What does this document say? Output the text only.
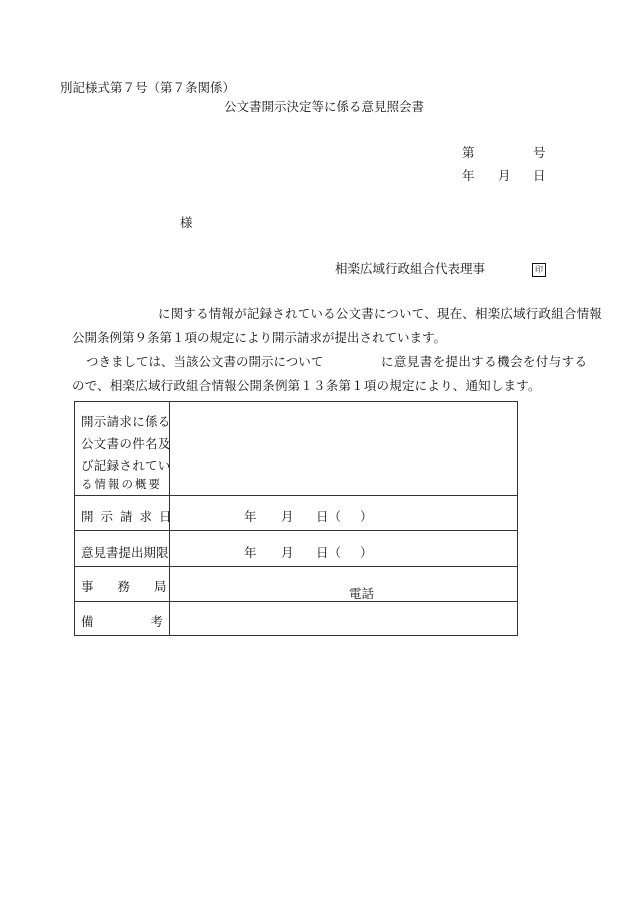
別記様式第７号（第７条関係）
公文書開示決定等に係る意見照会書
第	号
年 月 日
様
相楽広域行政組合代表理事	印
に関する情報が記録されている公文書について、現在、相楽広域行政組合情報
公開条例第９条第１項の規定により開示請求が提出されています。
つきましては、当該公文書の開示について	に意見書を提出する機会を付与する
ので、相楽広域行政組合情報公開条例第１３条第１項の規定により、通知します。
開示請求に係る
公文書の件名及
び記録されてい
る情報の概要
開示請求日	年 月 日（ ）
意見書提出期限	年 月 日（ ）
事務局	電話
備考
